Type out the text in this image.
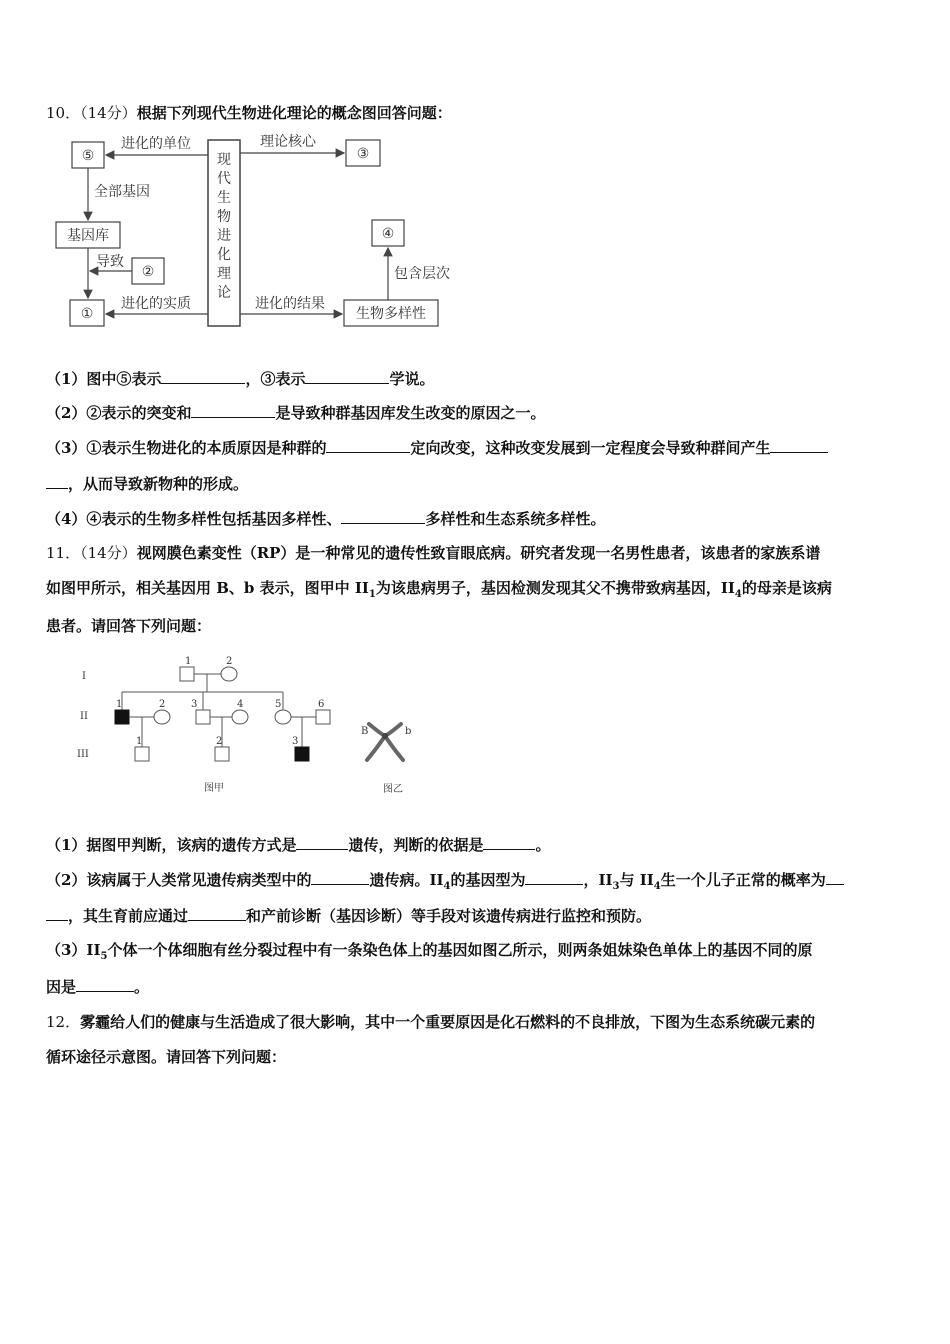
10．（14分）根据下列现代生物进化理论的概念图回答问题：
现
代
生
物
进
化
理
论
⑤	③
基因库
②
①
④
生物多样性
进化的单位	理论核心
全部基因
导致
进化的实质	进化的结果
包含层次
（1）图中⑤表示	，③表示	学说。
（2）②表示的突变和	是导致种群基因库发生改变的原因之一。
（3）①表示生物进化的本质原因是种群的	定向改变，这种改变发展到一定程度会导致种群间产生
，从而导致新物种的形成。
（4）④表示的生物多样性包括基因多样性、	多样性和生态系统多样性。
11．（14分）视网膜色素变性（RP）是一种常见的遗传性致盲眼底病。研究者发现一名男性患者，该患者的家族系谱
如图甲所示，相关基因用 B、b 表示，图甲中 $II_1$为该患病男子，基因检测发现其父不携带致病基因，$II_4$的母亲是该病
患者。请回答下列问题：
I
II
III
1	2
1	2	3	4	5	6
1	2	3
图甲
B	b
图乙
（1）据图甲判断，该病的遗传方式是	遗传，判断的依据是	。
（2）该病属于人类常见遗传病类型中的	遗传病。$II_4$的基因型为	，$II_3$与 $II_4$生一个儿子正常的概率为
，其生育前应通过	和产前诊断（基因诊断）等手段对该遗传病进行监控和预防。
$(3)II_5$个体一个体细胞有丝分裂过程中有一条染色体上的基因如图乙所示，则两条姐妹染色单体上的基因不同的原
因是	。
12．雾霾给人们的健康与生活造成了很大影响，其中一个重要原因是化石燃料的不良排放，下图为生态系统碳元素的
循环途径示意图。请回答下列问题：
